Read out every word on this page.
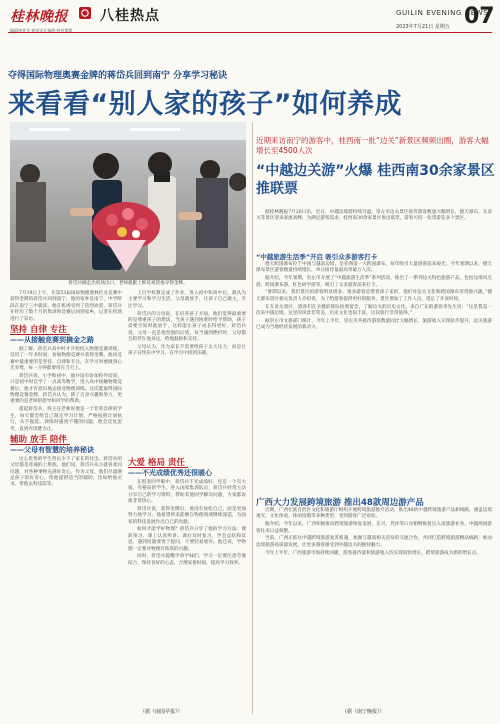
桂林晚报 八桂热点	GUILIN EVENING NEWS
2023年7月21日 星期五 07
编辑唐金龙·视觉设计杨鸽·校对覃甜
夺得国际物理奥赛金牌的蒋岱兵回到南宁 分享学习秘诀
来看看“别人家的孩子”如何养成
蒋岱兵刚走出机场出口，老师就献上鲜花祝贺他夺得金牌。

7月19日上午，在第53届国际物理奥林匹克竞赛中获得金牌的蒋岱兵回到南宁。他的家乡是南宁，中学阶段在南宁三中就读。他在机场受到了热烈欢迎，蒋岱兵在经历了数个月的集训和比赛后回到家乡，记者在机场进行了采访。

坚持 自律 专注
——从接触竞赛到摘金之路

据了解，蒋岱兵高中时才开始投入物理竞赛训练，仅用了一年多时间，参加物理竞赛并获得金牌。他说竞赛中最重要的是坚持、自律和专注，在学习时要做到心无旁骛，每一分钟都要用在刀刃上。

蒋岱兵说，小学和初中，他并没有参加校外培训，只是初中时自学了一点高等数学，进入高中接触物理竞赛后，他才有意识地去接受物理训练。这次能取得国际物理竞赛金牌，蒋岱兵认为，除了自身兴趣和努力，更重要的是老师的指导和同学的帮助。

提起蒋岱兵，班主任老师说他是一个非常自律的学生，每天都会给自己制定学习计划，严格按照计划执行，从不拖延。训练时遇到不懂的问题，他会反复思考，直到弄清楚为止。

辅助 放手 陪伴
——父母有智慧的培养秘诀

这么优秀的学生背后少不了家长的付出。蒋岱兵的父母都是普通的上班族。他们说，蒋岱兵从小就喜欢问问题，对各种事物充满好奇心，作为父母，他们尽量满足孩子的好奇心，给他提供适当的辅助，比如给他买书、带他去科技馆等。

上自学校教完成了作业，进入初中和高中后，就从为主要学习和学习生活，父母就放手，让孩子自己做主，专注学习。

蒋岱兵的父母说，在培养孩子方面，他们觉得最重要的是尊重孩子的想法，当孩子遇到困难时给予帮助，孩子需要空间时就放手，这样能让孩子成长得更好。蒋岱兵说，父母一直是他坚强的后盾，每当遇到挫折时，父母都会陪伴在他身边，给他鼓励和支持。

父母认为，作为家长不需要给孩子太大压力，而是让孩子在快乐中学习，在学习中找到乐趣。

大爱 格局 责任
——不光成绩优秀还很暖心

在很多同学眼中，蒋岱兵不光成绩好，还是一个有大爱、有格局的学生。进入国家集训队后，蒋岱兵经常主动分享自己的学习资料，帮助其他同学解决问题，大家都说他非常热心。

蒋岱兵说，获得金牌后，他没有放松自己，而是更加努力地学习。他希望将来能够在物理领域继续深造，为国家的科技发展作出自己的贡献。

如何才能学好物理？蒋岱兵分享了他的学习方法：课前预习、课上认真听讲、课后及时复习，学会总结和反思，遇到问题要勇于提问，不要轻易放弃。他还说，学物理一定要对物理有浓厚的兴趣。

同时，蒋岱兵提醒学弟学妹们，学习一定要注意劳逸结合，保持良好的心态，合理安排时间，提高学习效率。

（据《南国早报》）
近期来访南宁的游客中，桂西南一批“边关”新景区频频出圈，游客大幅增长至4500人次
“中越边关游”火爆 桂西南30余家景区推联票

据桂林晚报7月20日讯，近日，中越边境游持续升温，崇左市边关景区接待游客数量大幅增长，德天瀑布、友谊关等景区迎来客流高峰，为满足游客需求，桂西南30余家景区推出联票，游客可持一张票游览多个景区。

“中越旅游生活季”开启 吸引众多游客打卡

德天跨国瀑布位于中国与越南边境，是亚洲第一大跨国瀑布，每年吸引大量游客前来观光。今年暑期以来，德天瀑布景区游客数量持续增长，单日接待量最高突破万人次。

据介绍，今年暑期，崇左市开展了“中越旅游生活季”系列活动，推出了一系列边关特色旅游产品，包括边境风光游、跨国瀑布游、红色研学游等，吸引了众多游客前来打卡。

“暑期以来，我们景区的游客明显增多，很多游客是带着孩子来的，他们对边关文化和跨国瀑布非常感兴趣。”德天瀑布景区相关负责人介绍说，为了给游客提供更好的服务，景区增加了工作人员，延长了开放时间。

在友谊关景区，游客们在关楼前排队拍照留念，了解边关的历史文化。来自广东的游客李先生说：“这是我第一次来中越边境，这里的风景非常美，历史文化也很丰富，这次旅行非常值得。”

据崇左市文旅部门统计，今年上半年，崇左市共接待游客数量同比大幅增长，旅游收入实现稳步提升，边关旅游已成为当地经济发展的新动力。

广西大力发展跨境旅游 推出48款周边游产品

近期，广西壮族自治区文化和旅游厅组织开展跨境旅游推介活动，推出48款中越跨境旅游产品和线路，涵盖边境观光、文化体验、休闲度假等多种类型，受到游客广泛欢迎。

据介绍，今年以来，广西积极推动跨境旅游恢复发展，东兴、凭祥等口岸相继恢复出入境旅游业务，中越两国游客往来日益频繁。

当前，广西正抓住中越跨境旅游复苏机遇，加强与越南相关省份的交流合作，共同打造跨境旅游精品线路，推动边境旅游高质量发展，让更多游客感受到中越边关的独特魅力。

今年上半年，广西旅游市场持续回暖，游客接待量和旅游收入均实现较快增长，跨境旅游成为新的增长点。

（据《南宁晚报》）
